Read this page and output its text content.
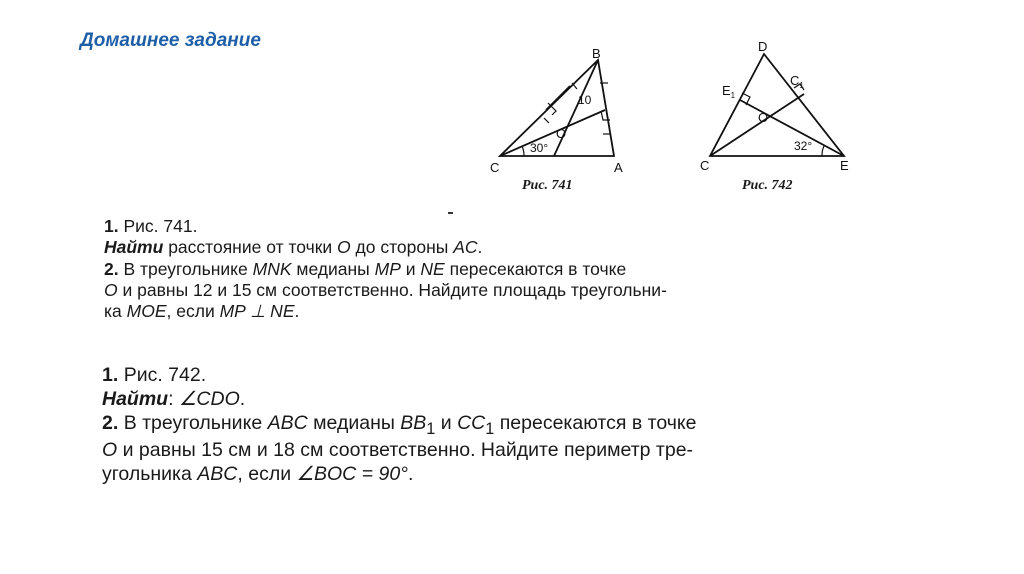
Домашнее задание
B
C	A
O
10
30°
Рис. 741
D
$E_1$
$C_1$
O
C	E
32°
Рис. 742
1. Рис. 741.
Найти расстояние от точки O до стороны AC.
2. В треугольнике MNK медианы MP и NE пересекаются в точке
O и равны 12 и 15 см соответственно. Найдите площадь треугольни-
ка MOE, если MP ⊥ NE.
1. Рис. 742.
Найти: ∠CDO.
2. В треугольнике ABC медианы $BB_1$ и $CC_1$ пересекаются в точке
O и равны 15 см и 18 см соответственно. Найдите периметр тре-
угольника ABC, если ∠BOC = 90°.
